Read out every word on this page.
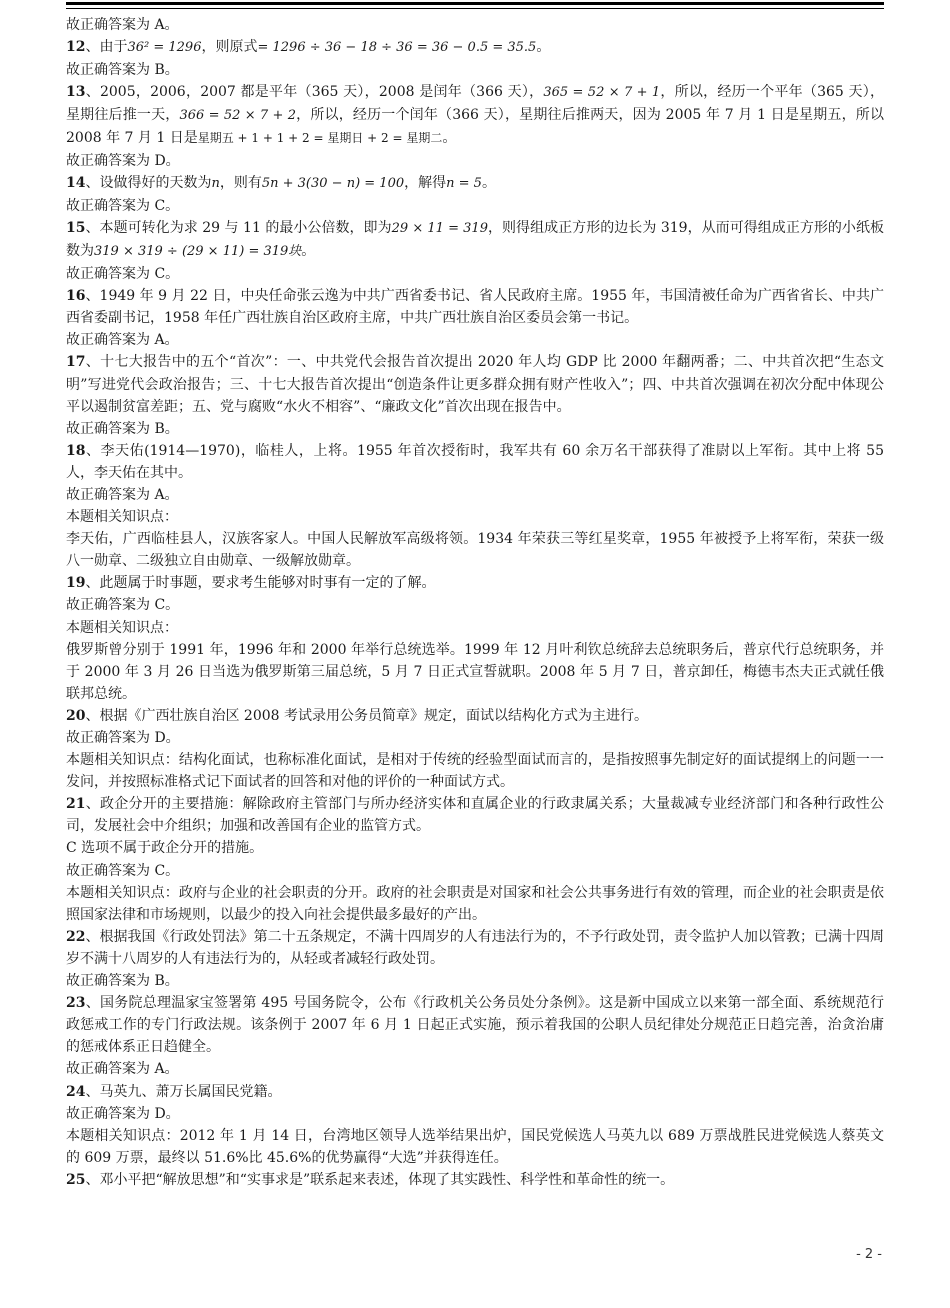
故正确答案为 A。

12、由于36² = 1296，则原式= 1296 ÷ 36 − 18 ÷ 36 = 36 − 0.5 = 35.5。

故正确答案为 B。

13、2005，2006，2007 都是平年（365 天），2008 是闰年（366 天），365 = 52 × 7 + 1，所以，经历一个平年（365 天），星期往后推一天，366 = 52 × 7 + 2，所以，经历一个闰年（366 天），星期往后推两天，因为 2005 年 7 月 1 日是星期五，所以 2008 年 7 月 1 日是星期五 + 1 + 1 + 2 = 星期日 + 2 = 星期二。

故正确答案为 D。

14、设做得好的天数为n，则有5n + 3(30 − n) = 100，解得n = 5。

故正确答案为 C。

15、本题可转化为求 29 与 11 的最小公倍数，即为29 × 11 = 319，则得组成正方形的边长为 319，从而可得组成正方形的小纸板数为319 × 319 ÷ (29 × 11) = 319块。

故正确答案为 C。

16、1949 年 9 月 22 日，中央任命张云逸为中共广西省委书记、省人民政府主席。1955 年，韦国清被任命为广西省省长、中共广西省委副书记，1958 年任广西壮族自治区政府主席，中共广西壮族自治区委员会第一书记。

故正确答案为 A。

17、十七大报告中的五个“首次”：一、中共党代会报告首次提出 2020 年人均 GDP 比 2000 年翻两番；二、中共首次把“生态文明”写进党代会政治报告；三、十七大报告首次提出“创造条件让更多群众拥有财产性收入”；四、中共首次强调在初次分配中体现公平以遏制贫富差距；五、党与腐败“水火不相容”、“廉政文化”首次出现在报告中。

故正确答案为 B。

18、李天佑(1914—1970)，临桂人，上将。1955 年首次授衔时，我军共有 60 余万名干部获得了准尉以上军衔。其中上将 55 人，李天佑在其中。

故正确答案为 A。

本题相关知识点：

李天佑，广西临桂县人，汉族客家人。中国人民解放军高级将领。1934 年荣获三等红星奖章，1955 年被授予上将军衔，荣获一级八一勋章、二级独立自由勋章、一级解放勋章。

19、此题属于时事题，要求考生能够对时事有一定的了解。

故正确答案为 C。

本题相关知识点：

俄罗斯曾分别于 1991 年，1996 年和 2000 年举行总统选举。1999 年 12 月叶利钦总统辞去总统职务后，普京代行总统职务，并于 2000 年 3 月 26 日当选为俄罗斯第三届总统，5 月 7 日正式宣誓就职。2008 年 5 月 7 日，普京卸任，梅德韦杰夫正式就任俄联邦总统。

20、根据《广西壮族自治区 2008 考试录用公务员简章》规定，面试以结构化方式为主进行。

故正确答案为 D。

本题相关知识点：结构化面试，也称标准化面试，是相对于传统的经验型面试而言的，是指按照事先制定好的面试提纲上的问题一一发问，并按照标准格式记下面试者的回答和对他的评价的一种面试方式。

21、政企分开的主要措施：解除政府主管部门与所办经济实体和直属企业的行政隶属关系；大量裁减专业经济部门和各种行政性公司，发展社会中介组织；加强和改善国有企业的监管方式。

C 选项不属于政企分开的措施。

故正确答案为 C。

本题相关知识点：政府与企业的社会职责的分开。政府的社会职责是对国家和社会公共事务进行有效的管理，而企业的社会职责是依照国家法律和市场规则，以最少的投入向社会提供最多最好的产出。

22、根据我国《行政处罚法》第二十五条规定，不满十四周岁的人有违法行为的，不予行政处罚，责令监护人加以管教；已满十四周岁不满十八周岁的人有违法行为的，从轻或者减轻行政处罚。

故正确答案为 B。

23、国务院总理温家宝签署第 495 号国务院令，公布《行政机关公务员处分条例》。这是新中国成立以来第一部全面、系统规范行政惩戒工作的专门行政法规。该条例于 2007 年 6 月 1 日起正式实施，预示着我国的公职人员纪律处分规范正日趋完善，治贪治庸的惩戒体系正日趋健全。

故正确答案为 A。

24、马英九、萧万长属国民党籍。

故正确答案为 D。

本题相关知识点：2012 年 1 月 14 日，台湾地区领导人选举结果出炉，国民党候选人马英九以 689 万票战胜民进党候选人蔡英文的 609 万票，最终以 51.6%比 45.6%的优势赢得“大选”并获得连任。

25、邓小平把“解放思想”和“实事求是”联系起来表述，体现了其实践性、科学性和革命性的统一。

- 2 -
